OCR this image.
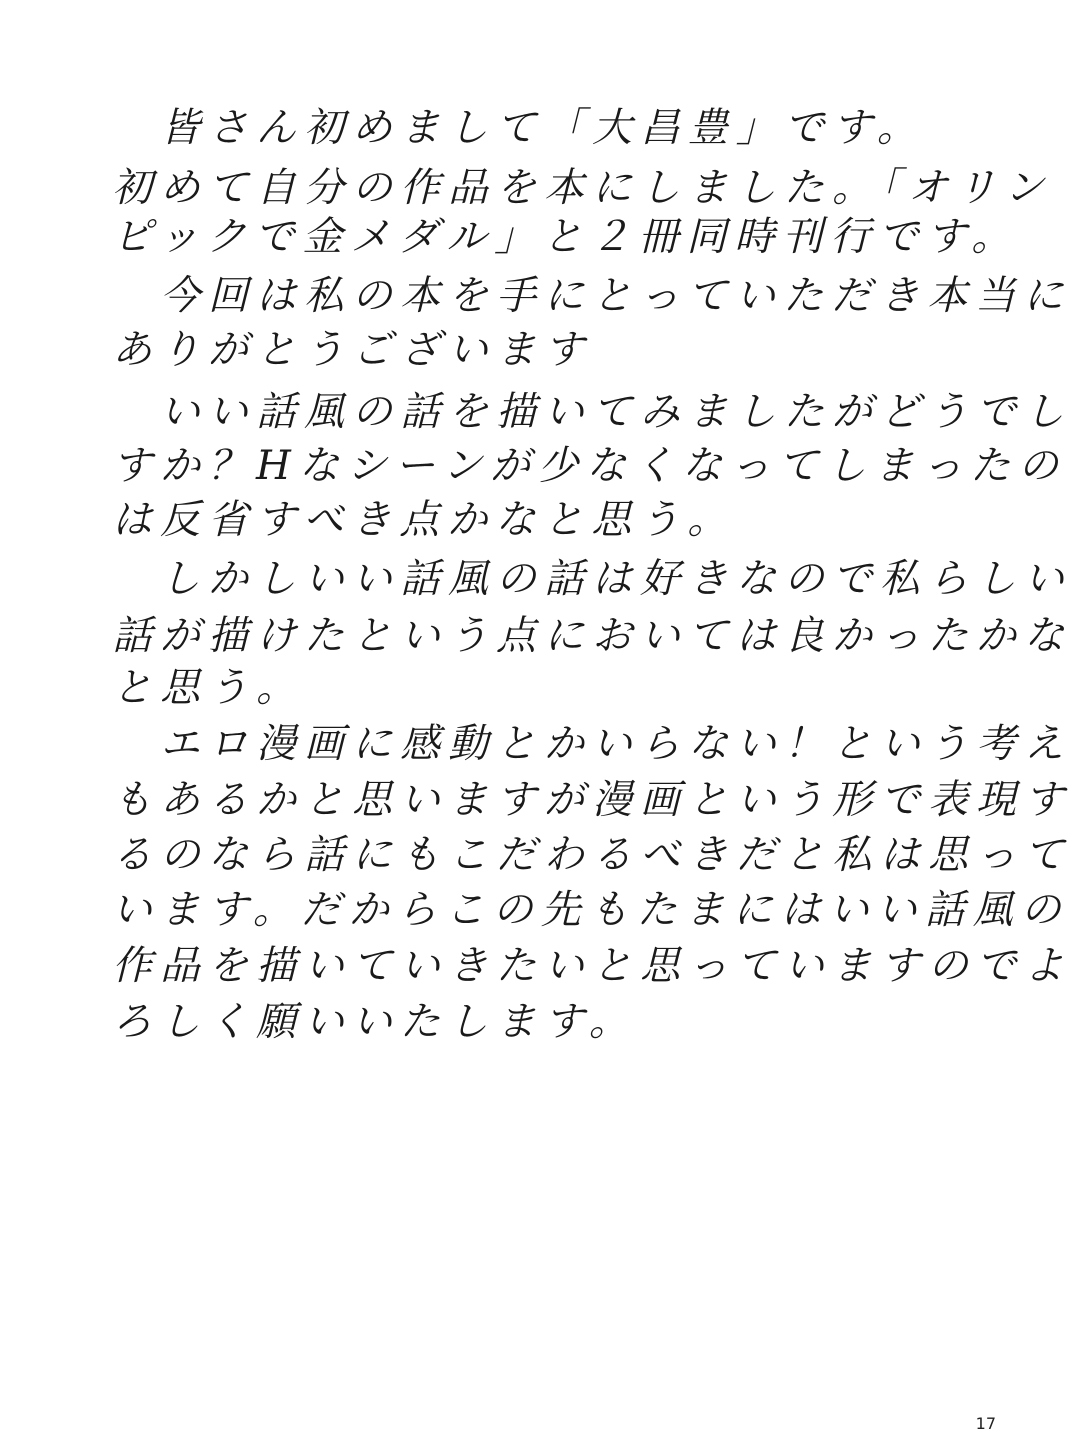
皆さん初めまして「大昌豊」です。
初めて自分の作品を本にしました。「オリン
ピックで金メダル」と２冊同時刊行です。
今回は私の本を手にとっていただき本当に
ありがとうございます
いい話風の話を描いてみましたがどうでし
すか？Hなシーンが少なくなってしまったの
は反省すべき点かなと思う。
しかしいい話風の話は好きなので私らしい
話が描けたという点においては良かったかな
と思う。
エロ漫画に感動とかいらない！という考え
もあるかと思いますが漫画という形で表現す
るのなら話にもこだわるべきだと私は思って
います。だからこの先もたまにはいい話風の
作品を描いていきたいと思っていますのでよ
ろしく願いいたします。
17
